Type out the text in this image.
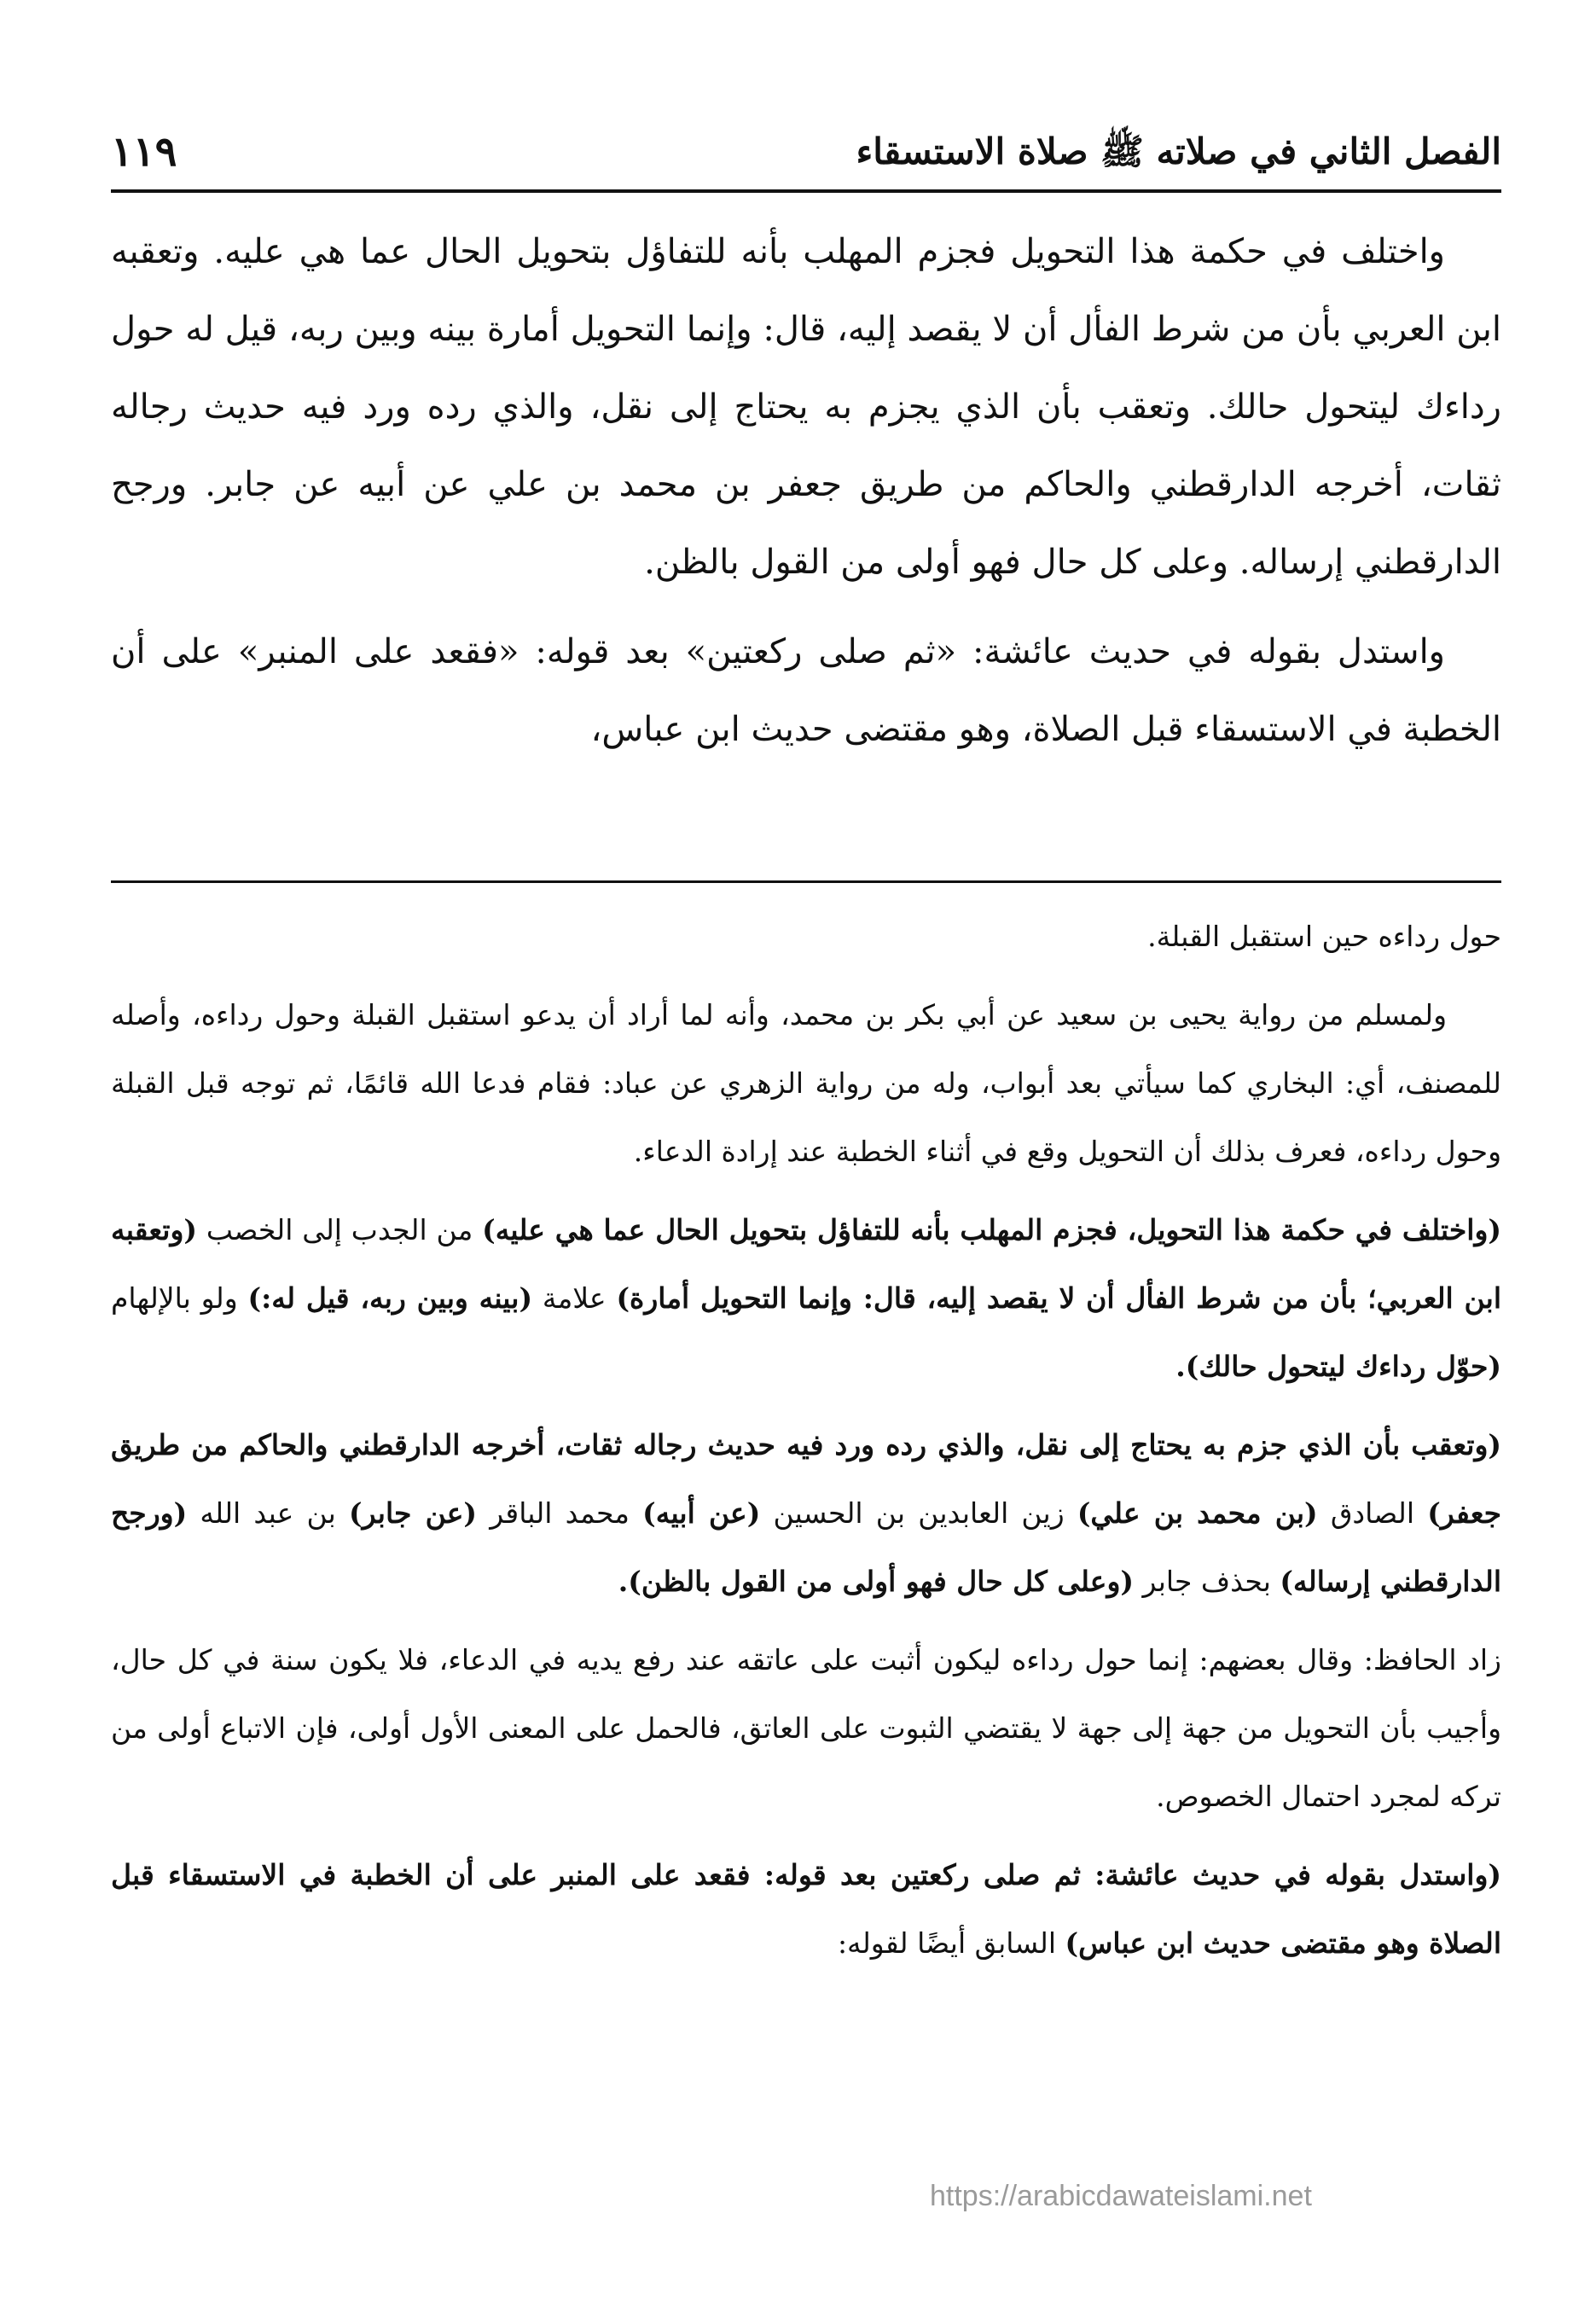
الفصل الثاني في صلاته ﷺ صلاة الاستسقاء
١١٩

واختلف في حكمة هذا التحويل فجزم المهلب بأنه للتفاؤل بتحويل الحال عما هي عليه. وتعقبه ابن العربي بأن من شرط الفأل أن لا يقصد إليه، قال: وإنما التحويل أمارة بينه وبين ربه، قيل له حول رداءك ليتحول حالك. وتعقب بأن الذي يجزم به يحتاج إلى نقل، والذي رده ورد فيه حديث رجاله ثقات، أخرجه الدارقطني والحاكم من طريق جعفر بن محمد بن علي عن أبيه عن جابر. ورجح الدارقطني إرساله. وعلى كل حال فهو أولى من القول بالظن.

واستدل بقوله في حديث عائشة: «ثم صلى ركعتين» بعد قوله: «فقعد على المنبر» على أن الخطبة في الاستسقاء قبل الصلاة، وهو مقتضى حديث ابن عباس،

حول رداءه حين استقبل القبلة.

ولمسلم من رواية يحيى بن سعيد عن أبي بكر بن محمد، وأنه لما أراد أن يدعو استقبل القبلة وحول رداءه، وأصله للمصنف، أي: البخاري كما سيأتي بعد أبواب، وله من رواية الزهري عن عباد: فقام فدعا الله قائمًا، ثم توجه قبل القبلة وحول رداءه، فعرف بذلك أن التحويل وقع في أثناء الخطبة عند إرادة الدعاء.

(واختلف في حكمة هذا التحويل، فجزم المهلب بأنه للتفاؤل بتحويل الحال عما هي عليه) من الجدب إلى الخصب (وتعقبه ابن العربي؛ بأن من شرط الفأل أن لا يقصد إليه، قال: وإنما التحويل أمارة) علامة (بينه وبين ربه، قيل له:) ولو بالإلهام (حوّل رداءك ليتحول حالك).

(وتعقب بأن الذي جزم به يحتاج إلى نقل، والذي رده ورد فيه حديث رجاله ثقات، أخرجه الدارقطني والحاكم من طريق جعفر) الصادق (بن محمد بن علي) زين العابدين بن الحسين (عن أبيه) محمد الباقر (عن جابر) بن عبد الله (ورجح الدارقطني إرساله) بحذف جابر (وعلى كل حال فهو أولى من القول بالظن).

زاد الحافظ: وقال بعضهم: إنما حول رداءه ليكون أثبت على عاتقه عند رفع يديه في الدعاء، فلا يكون سنة في كل حال، وأجيب بأن التحويل من جهة إلى جهة لا يقتضي الثبوت على العاتق، فالحمل على المعنى الأول أولى، فإن الاتباع أولى من تركه لمجرد احتمال الخصوص.

(واستدل بقوله في حديث عائشة: ثم صلى ركعتين بعد قوله: فقعد على المنبر على أن الخطبة في الاستسقاء قبل الصلاة وهو مقتضى حديث ابن عباس) السابق أيضًا لقوله:

https://arabicdawateislami.net
